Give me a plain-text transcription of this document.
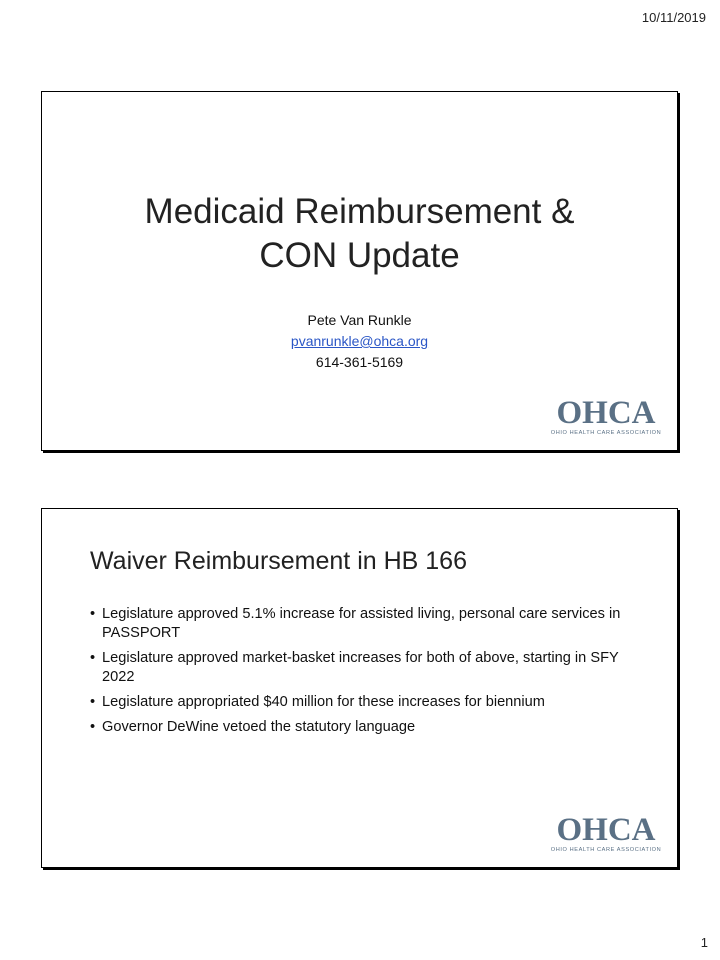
10/11/2019
Medicaid Reimbursement &
CON Update
Pete Van Runkle
pvanrunkle@ohca.org
614-361-5169
OHCA
OHIO HEALTH CARE ASSOCIATION
Waiver Reimbursement in HB 166
• Legislature approved 5.1% increase for assisted living, personal care services in PASSPORT
• Legislature approved market-basket increases for both of above, starting in SFY 2022
• Legislature appropriated $40 million for these increases for biennium
• Governor DeWine vetoed the statutory language
OHCA
OHIO HEALTH CARE ASSOCIATION
1
